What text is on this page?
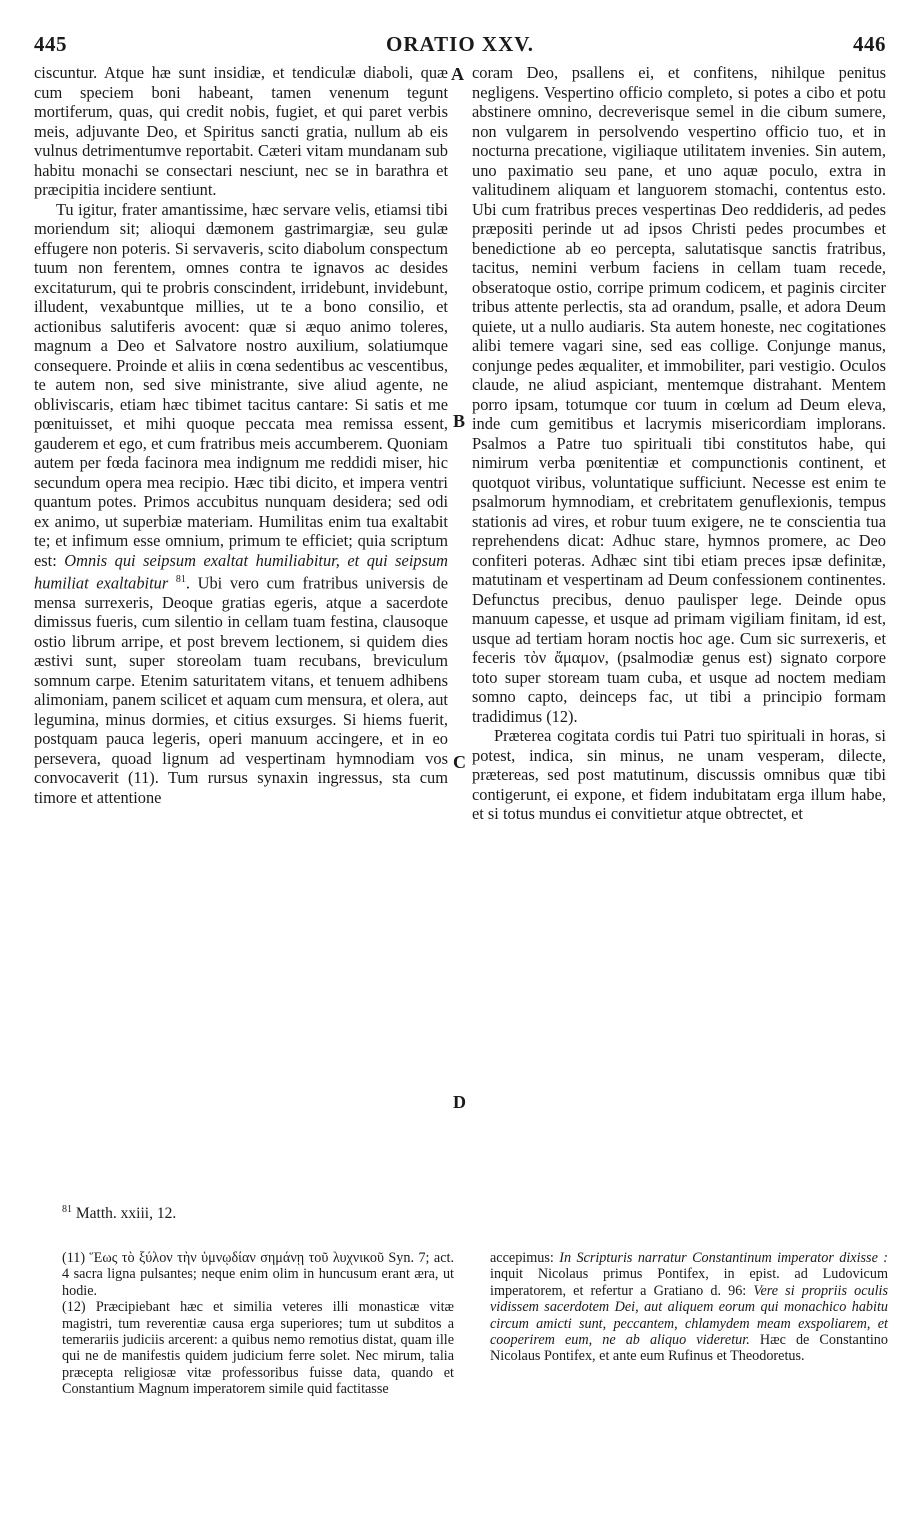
445	ORATIO XXV.	446
A
B
C
D

ciscuntur. Atque hæ sunt insidiæ, et tendiculæ diaboli, quæ cum speciem boni habeant, tamen venenum tegunt mortiferum, quas, qui credit nobis, fugiet, et qui paret verbis meis, adjuvante Deo, et Spiritus sancti gratia, nullum ab eis vulnus detrimentumve reportabit. Cæteri vitam mundanam sub habitu monachi se consectari nesciunt, nec se in barathra et præcipitia incidere sentiunt.

Tu igitur, frater amantissime, hæc servare velis, etiamsi tibi moriendum sit; alioqui dæmonem gastrimargiæ, seu gulæ effugere non poteris. Si servaveris, scito diabolum conspectum tuum non ferentem, omnes contra te ignavos ac desides excitaturum, qui te probris conscindent, irridebunt, invidebunt, illudent, vexabuntque millies, ut te a bono consilio, et actionibus salutiferis avocent: quæ si æquo animo toleres, magnum a Deo et Salvatore nostro auxilium, solatiumque consequere. Proinde et aliis in cœna sedentibus ac vescentibus, te autem non, sed sive ministrante, sive aliud agente, ne obliviscaris, etiam hæc tibimet tacitus cantare: Si satis et me pœnituisset, et mihi quoque peccata mea remissa essent, gauderem et ego, et cum fratribus meis accumberem. Quoniam autem per fœda facinora mea indignum me reddidi miser, hic secundum opera mea recipio. Hæc tibi dicito, et impera ventri quantum potes. Primos accubitus nunquam desidera; sed odi ex animo, ut superbiæ materiam. Humilitas enim tua exaltabit te; et infimum esse omnium, primum te efficiet; quia scriptum est: Omnis qui seipsum exaltat humiliabitur, et qui seipsum humiliat exaltabitur $^{81}$. Ubi vero cum fratribus universis de mensa surrexeris, Deoque gratias egeris, atque a sacerdote dimissus fueris, cum silentio in cellam tuam festina, clausoque ostio librum arripe, et post brevem lectionem, si quidem dies æstivi sunt, super storeolam tuam recubans, breviculum somnum carpe. Etenim saturitatem vitans, et tenuem adhibens alimoniam, panem scilicet et aquam cum mensura, et olera, aut legumina, minus dormies, et citius exsurges. Si hiems fuerit, postquam pauca legeris, operi manuum accingere, et in eo persevera, quoad lignum ad vespertinam hymnodiam vos convocaverit (11). Tum rursus synaxin ingressus, sta cum timore et attentione

coram Deo, psallens ei, et confitens, nihilque penitus negligens. Vespertino officio completo, si potes a cibo et potu abstinere omnino, decreverisque semel in die cibum sumere, non vulgarem in persolvendo vespertino officio tuo, et in nocturna precatione, vigiliaque utilitatem invenies. Sin autem, uno paximatio seu pane, et uno aquæ poculo, extra in valitudinem aliquam et languorem stomachi, contentus esto. Ubi cum fratribus preces vespertinas Deo reddideris, ad pedes præpositi perinde ut ad ipsos Christi pedes procumbes et benedictione ab eo percepta, salutatisque sanctis fratribus, tacitus, nemini verbum faciens in cellam tuam recede, obseratoque ostio, corripe primum codicem, et paginis circiter tribus attente perlectis, sta ad orandum, psalle, et adora Deum quiete, ut a nullo audiaris. Sta autem honeste, nec cogitationes alibi temere vagari sine, sed eas collige. Conjunge manus, conjunge pedes æqualiter, et immobiliter, pari vestigio. Oculos claude, ne aliud aspiciant, mentemque distrahant. Mentem porro ipsam, totumque cor tuum in cœlum ad Deum eleva, inde cum gemitibus et lacrymis misericordiam implorans. Psalmos a Patre tuo spirituali tibi constitutos habe, qui nimirum verba pœnitentiæ et compunctionis continent, et quotquot viribus, voluntatique sufficiunt. Necesse est enim te psalmorum hymnodiam, et crebritatem genuflexionis, tempus stationis ad vires, et robur tuum exigere, ne te conscientia tua reprehendens dicat: Adhuc stare, hymnos promere, ac Deo confiteri poteras. Adhæc sint tibi etiam preces ipsæ definitæ, matutinam et vespertinam ad Deum confessionem continentes. Defunctus precibus, denuo paulisper lege. Deinde opus manuum capesse, et usque ad primam vigiliam finitam, id est, usque ad tertiam horam noctis hoc age. Cum sic surrexeris, et feceris τὸν ἄμαμον, (psalmodiæ genus est) signato corpore toto super stoream tuam cuba, et usque ad noctem mediam somno capto, deinceps fac, ut tibi a principio formam tradidimus (12).

Præterea cogitata cordis tui Patri tuo spirituali in horas, si potest, indica, sin minus, ne unam vesperam, dilecte, prætereas, sed post matutinum, discussis omnibus quæ tibi contigerunt, ei expone, et fidem indubitatam erga illum habe, et si totus mundus ei convitietur atque obtrectet, et

$^{81}$ Matth. xxiii, 12.

(11) Ἕως τὸ ξύλον τὴν ὑμνῳδίαν σημάνῃ τοῦ λυχνικοῦ Syn. 7; act. 4 sacra ligna pulsantes; neque enim olim in huncusum erant æra, ut hodie.

(12) Præcipiebant hæc et similia veteres illi monasticæ vitæ magistri, tum reverentiæ causa erga superiores; tum ut subditos a temerariis judiciis arcerent: a quibus nemo remotius distat, quam ille qui ne de manifestis quidem judicium ferre solet. Nec mirum, talia præcepta religiosæ vitæ professoribus fuisse data, quando et Constantium Magnum imperatorem simile quid factitasse

accepimus: In Scripturis narratur Constantinum imperator dixisse : inquit Nicolaus primus Pontifex, in epist. ad Ludovicum imperatorem, et refertur a Gratiano d. 96: Vere si propriis oculis vidissem sacerdotem Dei, aut aliquem eorum qui monachico habitu circum amicti sunt, peccantem, chlamydem meam exspoliarem, et cooperirem eum, ne ab aliquo videretur. Hæc de Constantino Nicolaus Pontifex, et ante eum Rufinus et Theodoretus.
